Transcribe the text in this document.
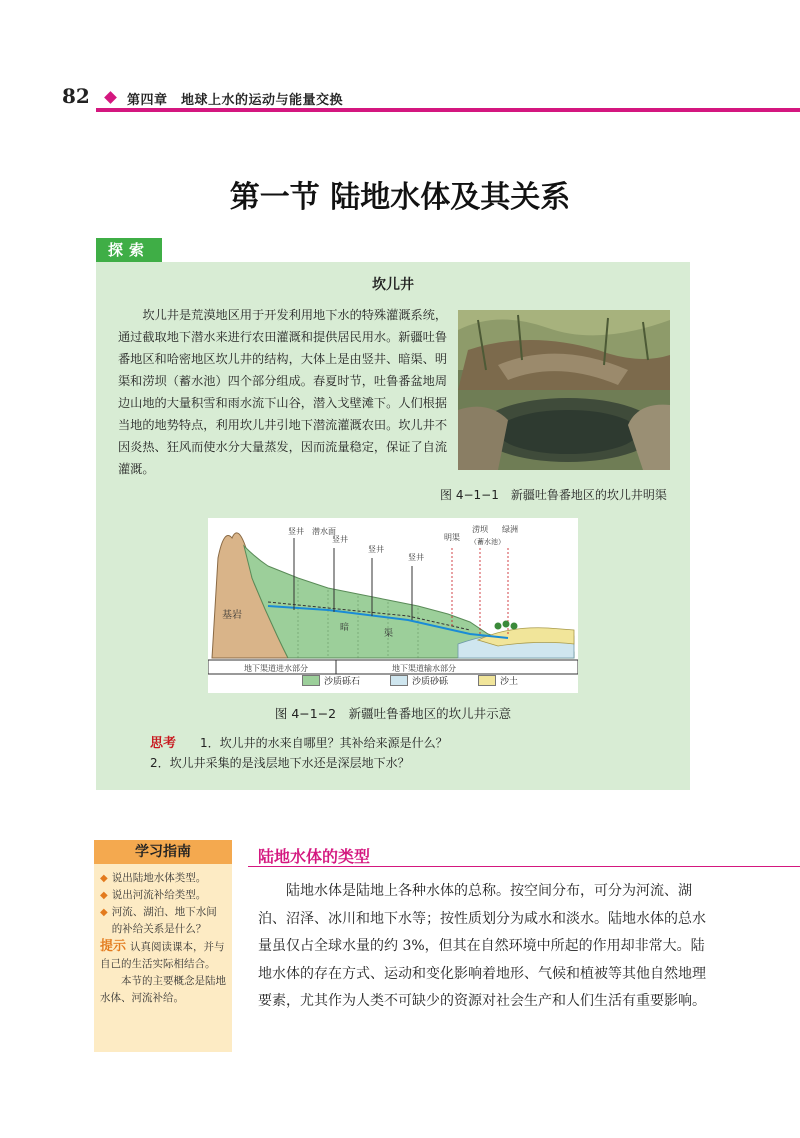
82	第四章　地球上水的运动与能量交换
第一节 陆地水体及其关系
探索
坎儿井

坎儿井是荒漠地区用于开发利用地下水的特殊灌溉系统，通过截取地下潜水来进行农田灌溉和提供居民用水。新疆吐鲁番地区和哈密地区坎儿井的结构，大体上是由竖井、暗渠、明渠和涝坝（蓄水池）四个部分组成。春夏时节，吐鲁番盆地周边山地的大量积雪和雨水流下山谷，潜入戈壁滩下。人们根据当地的地势特点，利用坎儿井引地下潜流灌溉农田。坎儿井不因炎热、狂风而使水分大量蒸发，因而流量稳定，保证了自流灌溉。

图 4−1−1　新疆吐鲁番地区的坎儿井明渠
基岩
竖井 潜水面
竖井
竖井
竖井
明渠
涝坝
（蓄水池）
绿洲
暗
渠
地下渠道进水部分	地下渠道输水部分
沙质砾石	沙质砂砾	沙土
图 4−1−2　新疆吐鲁番地区的坎儿井示意
思考 1．坎儿井的水来自哪里？其补给来源是什么？
2．坎儿井采集的是浅层地下水还是深层地下水？
学习指南
◆ 说出陆地水体类型。
◆ 说出河流补给类型。
◆ 河流、湖泊、地下水间的补给关系是什么？
提示 认真阅读课本，并与自己的生活实际相结合。
本节的主要概念是陆地水体、河流补给。
陆地水体的类型

陆地水体是陆地上各种水体的总称。按空间分布，可分为河流、湖泊、沼泽、冰川和地下水等；按性质划分为咸水和淡水。陆地水体的总水量虽仅占全球水量的约 3%，但其在自然环境中所起的作用却非常大。陆地水体的存在方式、运动和变化影响着地形、气候和植被等其他自然地理要素，尤其作为人类不可缺少的资源对社会生产和人们生活有重要影响。
